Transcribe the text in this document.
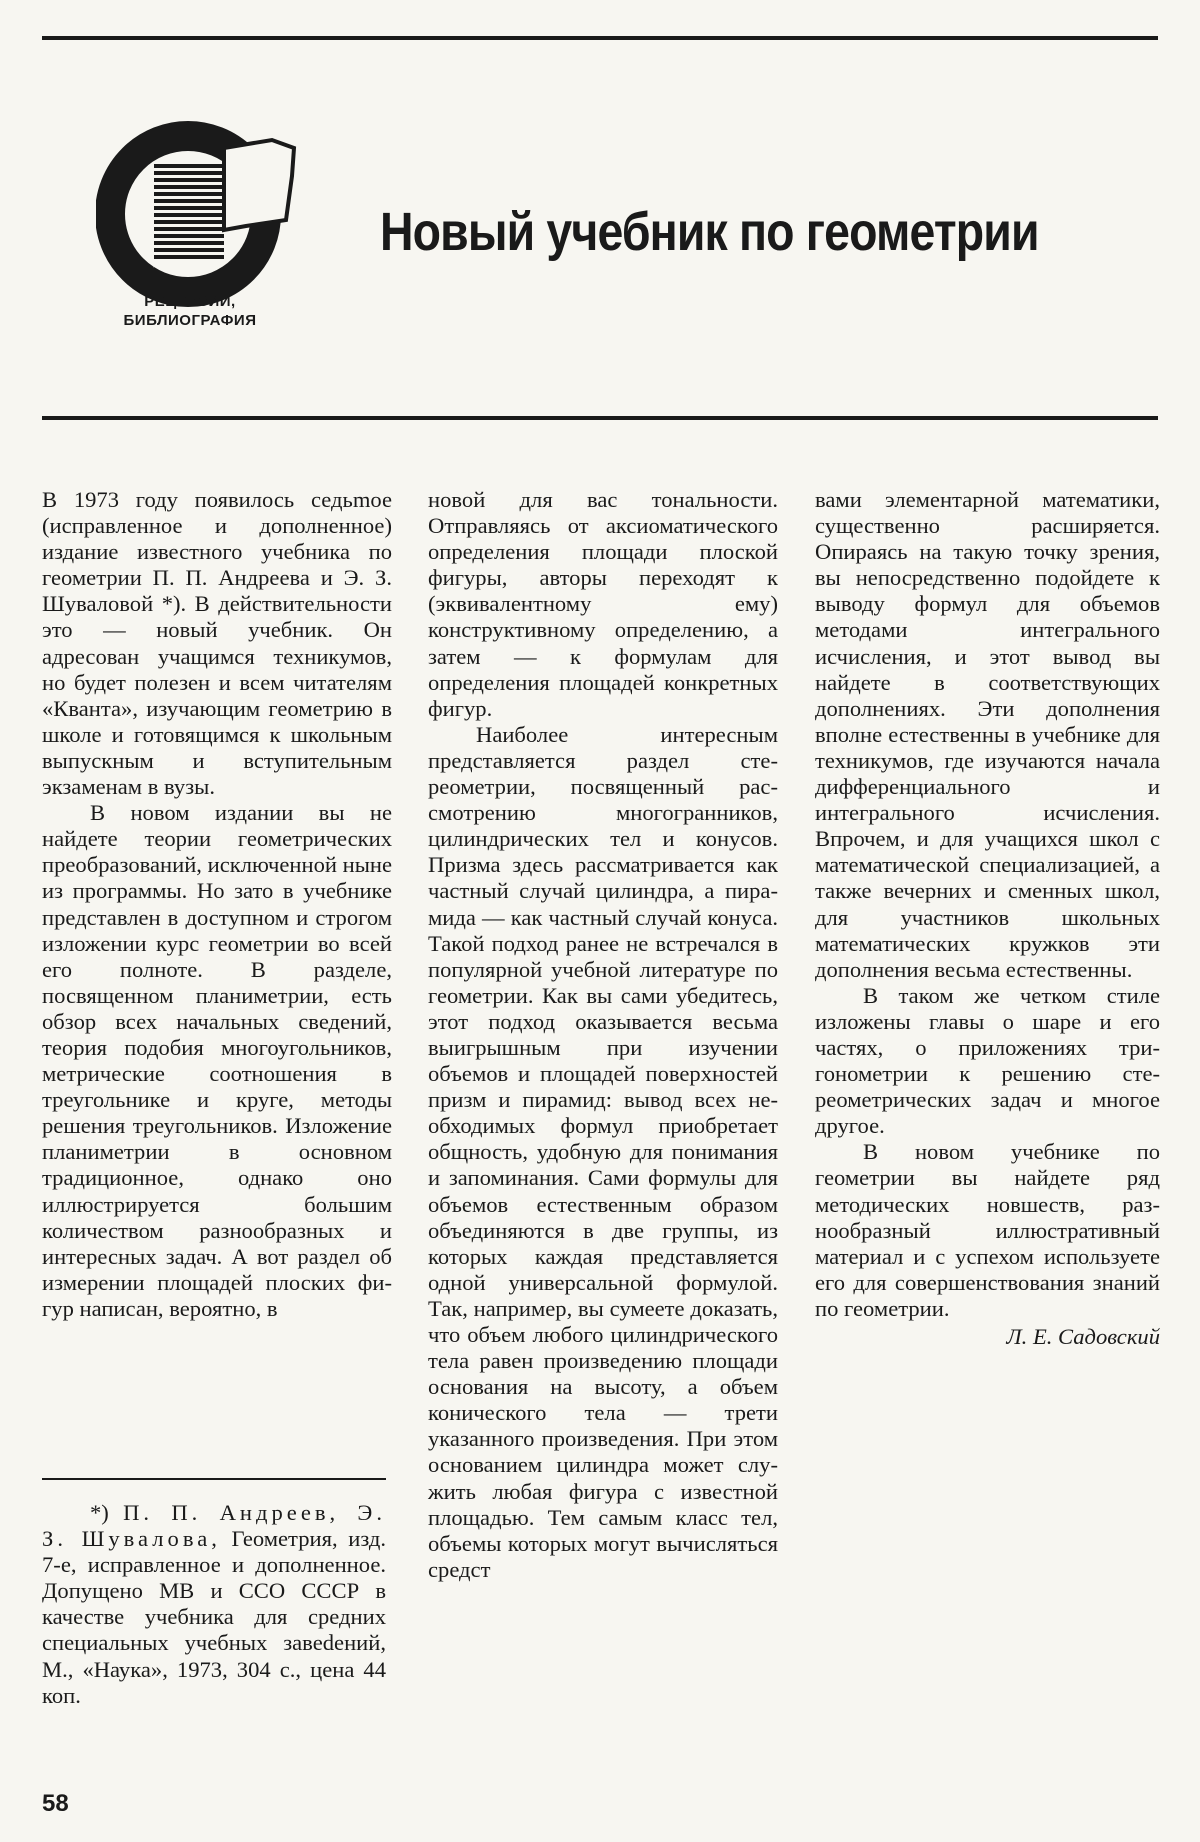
РЕЦЕНЗИИ,
БИБЛИОГРАФИЯ
Новый учебник по геометрии

В 1973 году появилось седьmое (исправленное и дополненное) издание известного учебника по геометрии П. П. Андреева и Э. З. Шуваловой *). В действительности это — новый учебник. Он адресован учащимся техникумов, но будет полезен и всем читателям «Кванта», изучающим геометрию в школе и готовящимся к школьным выпускным и вступительным экзаменам в вузы.

В новом издании вы не найдете теории геометрических преобразований, исключенной ныне из программы. Но зато в учебнике представлен в доступном и строгом изложении курс геометрии во всей его полноте. В разделе, посвященном планиметрии, есть обзор всех начальных сведений, теория подобия многоугольников, метрические соотношения в треугольнике и круге, методы решения треугольников. Изложение планиметрии в основном традиционное, однако оно иллюстрируется большим количеством разнообразных и интересных задач. А вот раздел об измерении площадей плоских фигур написан, вероятно, в

новой для вас тональности. Отправляясь от аксиоматического определения площади плоской фигуры, авторы переходят к (эквивалентному ему) конструктивному определению, а затем — к формулам для определения площадей конкретных фигур.

Наиболее интересным представляется раздел стереометрии, посвященный рассмотрению многогранников, цилиндрических тел и конусов. Призма здесь рассматривается как частный случай цилиндра, а пирамида — как частный случай конуса. Такой подход ранее не встречался в популярной учебной литературе по геометрии. Как вы сами убедитесь, этот подход оказывается весьма выигрышным при изучении объемов и площадей поверхностей призм и пирамид: вывод всех необходимых формул приобретает общность, удобную для понимания и запоминания. Сами формулы для объемов естественным образом объединяются в две группы, из которых каждая представляется одной универсальной формулой. Так, например, вы сумеете доказать, что объем любого цилиндрического тела равен произведению площади основания на высоту, а объем конического тела — трети указанного произведения. При этом основанием цилиндра может служить любая фигура с известной площадью. Тем самым класс тел, объемы которых могут вычисляться средст

вами элементарной математики, существенно расширяется. Опираясь на такую точку зрения, вы непосредственно подойдете к выводу формул для объемов методами интегрального исчисления, и этот вывод вы найдете в соответствующих дополнениях. Эти дополнения вполне естественны в учебнике для техникумов, где изучаются начала дифференциального и интегрального исчисления. Впрочем, и для учащихся школ с математической специализацией, а также вечерних и сменных школ, для участников школьных математических кружков эти дополнения весьма естественны.

В таком же четком стиле изложены главы о шаре и его частях, о приложениях тригонометрии к решению стереометрических задач и многое другое.

В новом учебнике по геометрии вы найдете ряд методических новшеств, разнообразный иллюстративный материал и с успехом используете его для совершенствования знаний по геометрии.

Л. Е. Садовский
*) П. П. Андреев, Э. З. Шувалова, Геометрия, изд. 7-е, исправленное и дополненное. Допущено МВ и ССО СССР в качестве учебника для средних специальных учебных завеdений, М., «Наука», 1973, 304 с., цена 44 коп.
58
